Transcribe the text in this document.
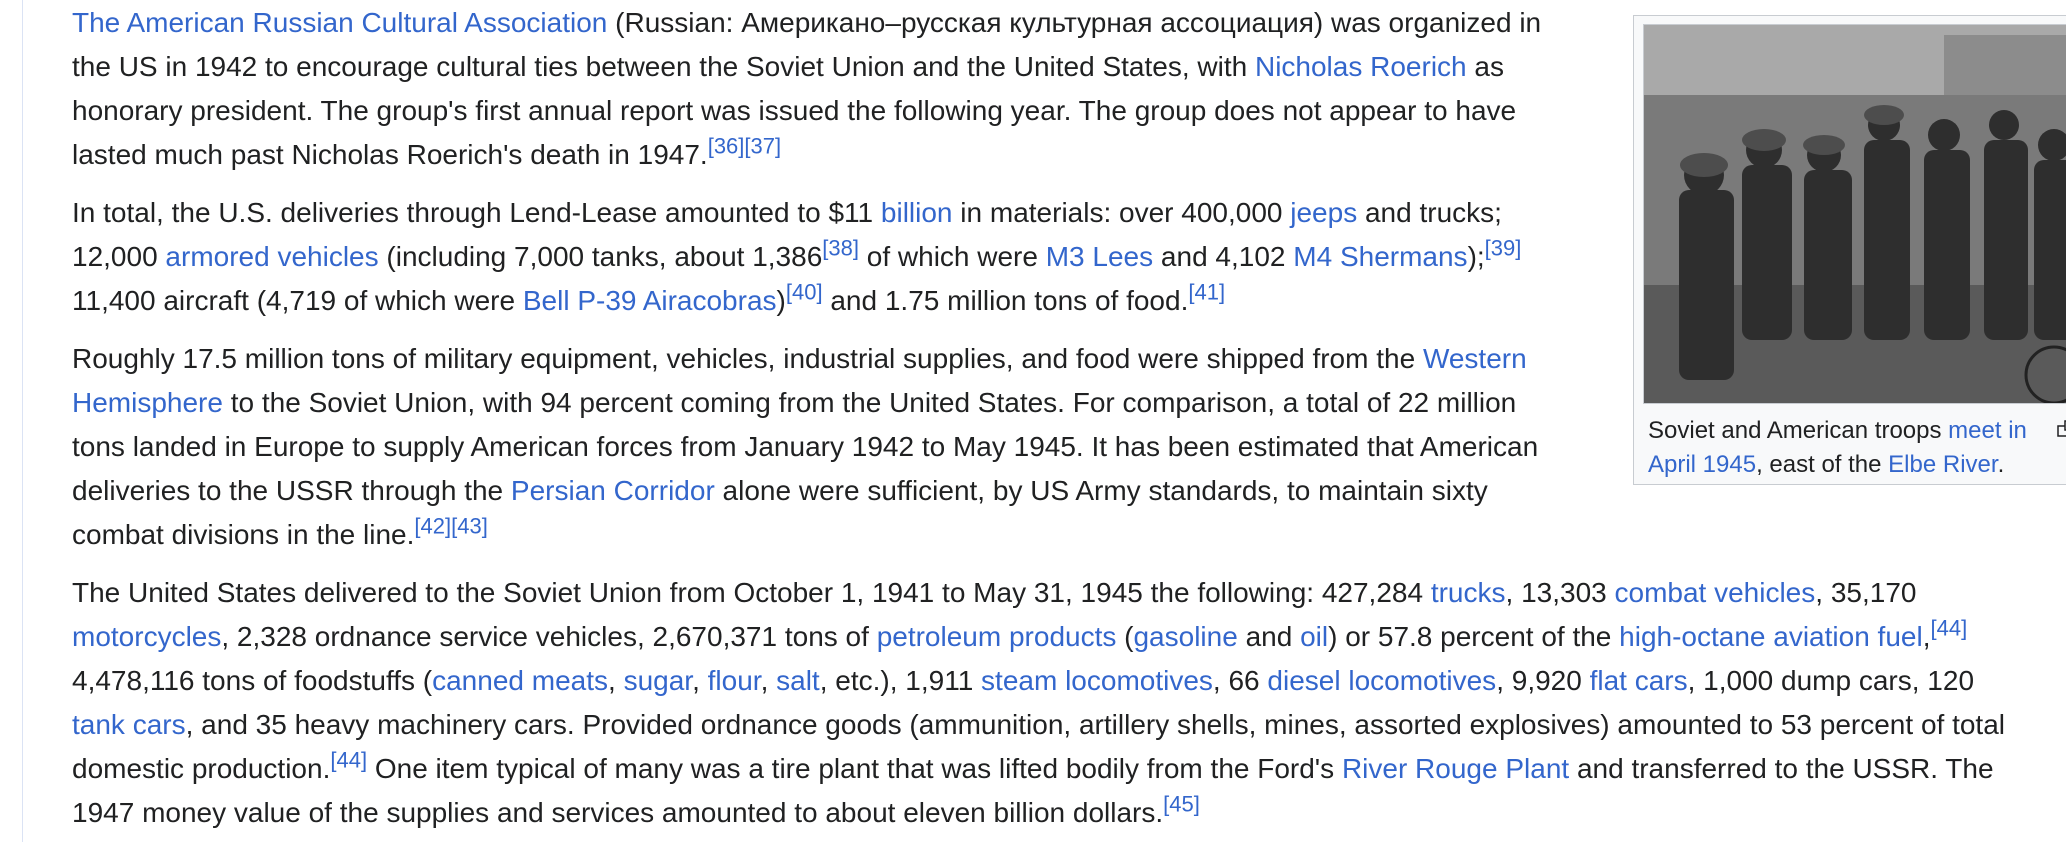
The American Russian Cultural Association (Russian: Американо–русская культурная ассоциация) was organized in the US in 1942 to encourage cultural ties between the Soviet Union and the United States, with Nicholas Roerich as honorary president. The group's first annual report was issued the following year. The group does not appear to have lasted much past Nicholas Roerich's death in 1947.[36][37]

In total, the U.S. deliveries through Lend-Lease amounted to $11 billion in materials: over 400,000 jeeps and trucks; 12,000 armored vehicles (including 7,000 tanks, about 1,386[38] of which were M3 Lees and 4,102 M4 Shermans);[39] 11,400 aircraft (4,719 of which were Bell P-39 Airacobras)[40] and 1.75 million tons of food.[41]

Roughly 17.5 million tons of military equipment, vehicles, industrial supplies, and food were shipped from the Western Hemisphere to the Soviet Union, with 94 percent coming from the United States. For comparison, a total of 22 million tons landed in Europe to supply American forces from January 1942 to May 1945. It has been estimated that American deliveries to the USSR through the Persian Corridor alone were sufficient, by US Army standards, to maintain sixty combat divisions in the line.[42][43]

The United States delivered to the Soviet Union from October 1, 1941 to May 31, 1945 the following: 427,284 trucks, 13,303 combat vehicles, 35,170 motorcycles, 2,328 ordnance service vehicles, 2,670,371 tons of petroleum products (gasoline and oil) or 57.8 percent of the high-octane aviation fuel,[44] 4,478,116 tons of foodstuffs (canned meats, sugar, flour, salt, etc.), 1,911 steam locomotives, 66 diesel locomotives, 9,920 flat cars, 1,000 dump cars, 120 tank cars, and 35 heavy machinery cars. Provided ordnance goods (ammunition, artillery shells, mines, assorted explosives) amounted to 53 percent of total domestic production.[44] One item typical of many was a tire plant that was lifted bodily from the Ford's River Rouge Plant and transferred to the USSR. The 1947 money value of the supplies and services amounted to about eleven billion dollars.[45]

Soviet and American troops meet in April 1945, east of the Elbe River.
